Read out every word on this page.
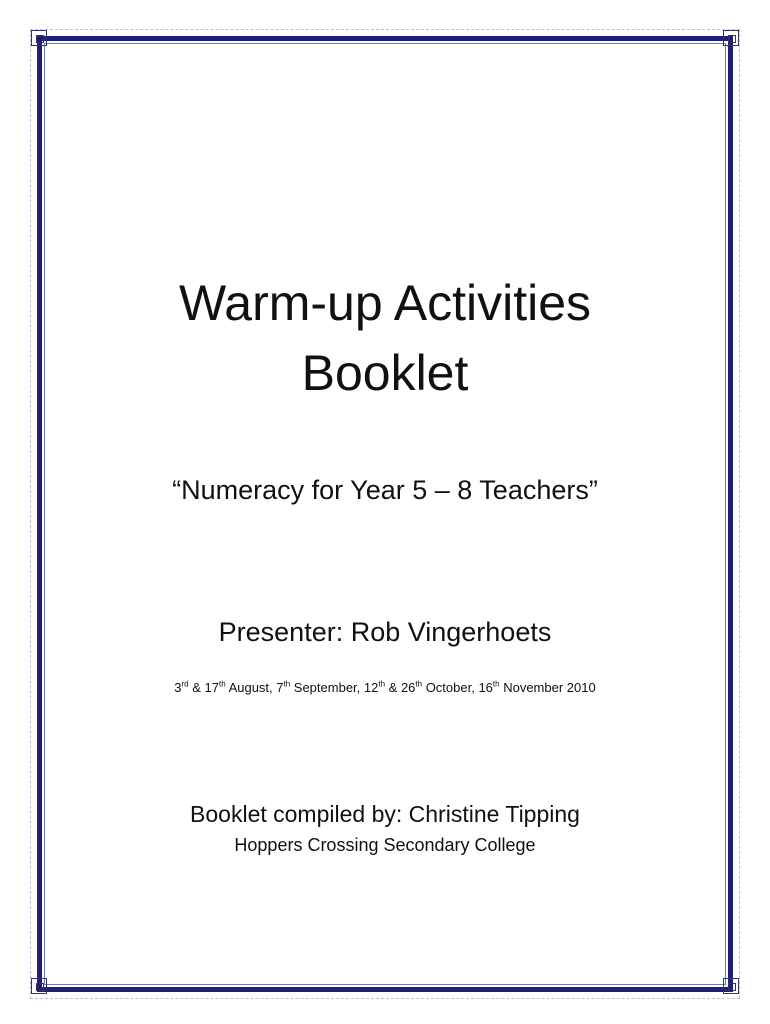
Warm-up Activities
Booklet

“Numeracy for Year 5 – 8 Teachers”

Presenter: Rob Vingerhoets

3rd & 17th August, 7th September, 12th & 26th October, 16th November 2010

Booklet compiled by: Christine Tipping

Hoppers Crossing Secondary College
